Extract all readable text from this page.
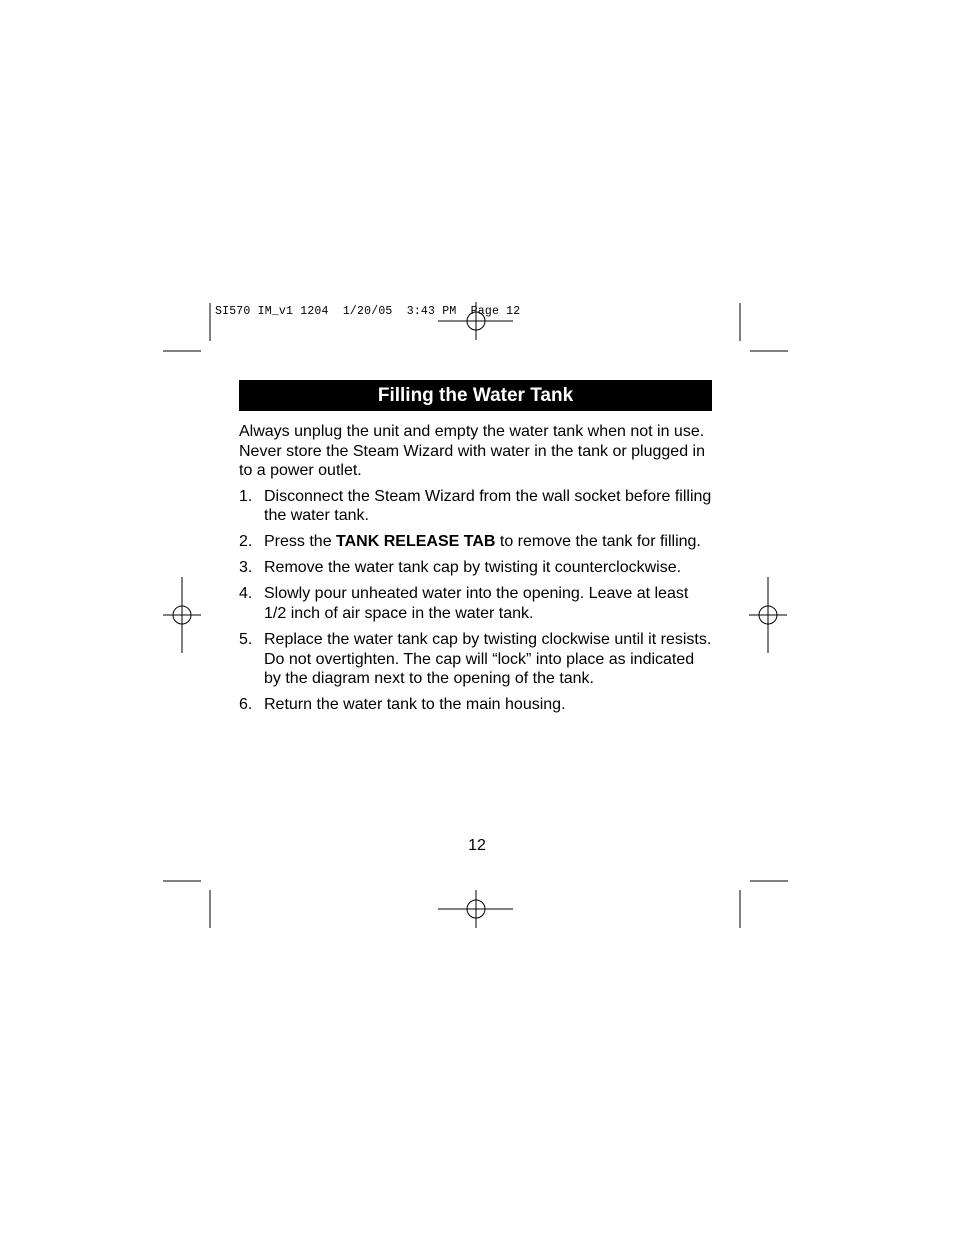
SI570 IM_v1 1204  1/20/05  3:43 PM  Page 12
Filling the Water Tank

Always unplug the unit and empty the water tank when not in use. Never store the Steam Wizard with water in the tank or plugged in to a power outlet.

1. Disconnect the Steam Wizard from the wall socket before filling the water tank.
2. Press the TANK RELEASE TAB to remove the tank for filling.
3. Remove the water tank cap by twisting it counterclockwise.
4. Slowly pour unheated water into the opening. Leave at least 1/2 inch of air space in the water tank.
5. Replace the water tank cap by twisting clockwise until it resists. Do not overtighten. The cap will “lock” into place as indicated by the diagram next to the opening of the tank.
6. Return the water tank to the main housing.
12
